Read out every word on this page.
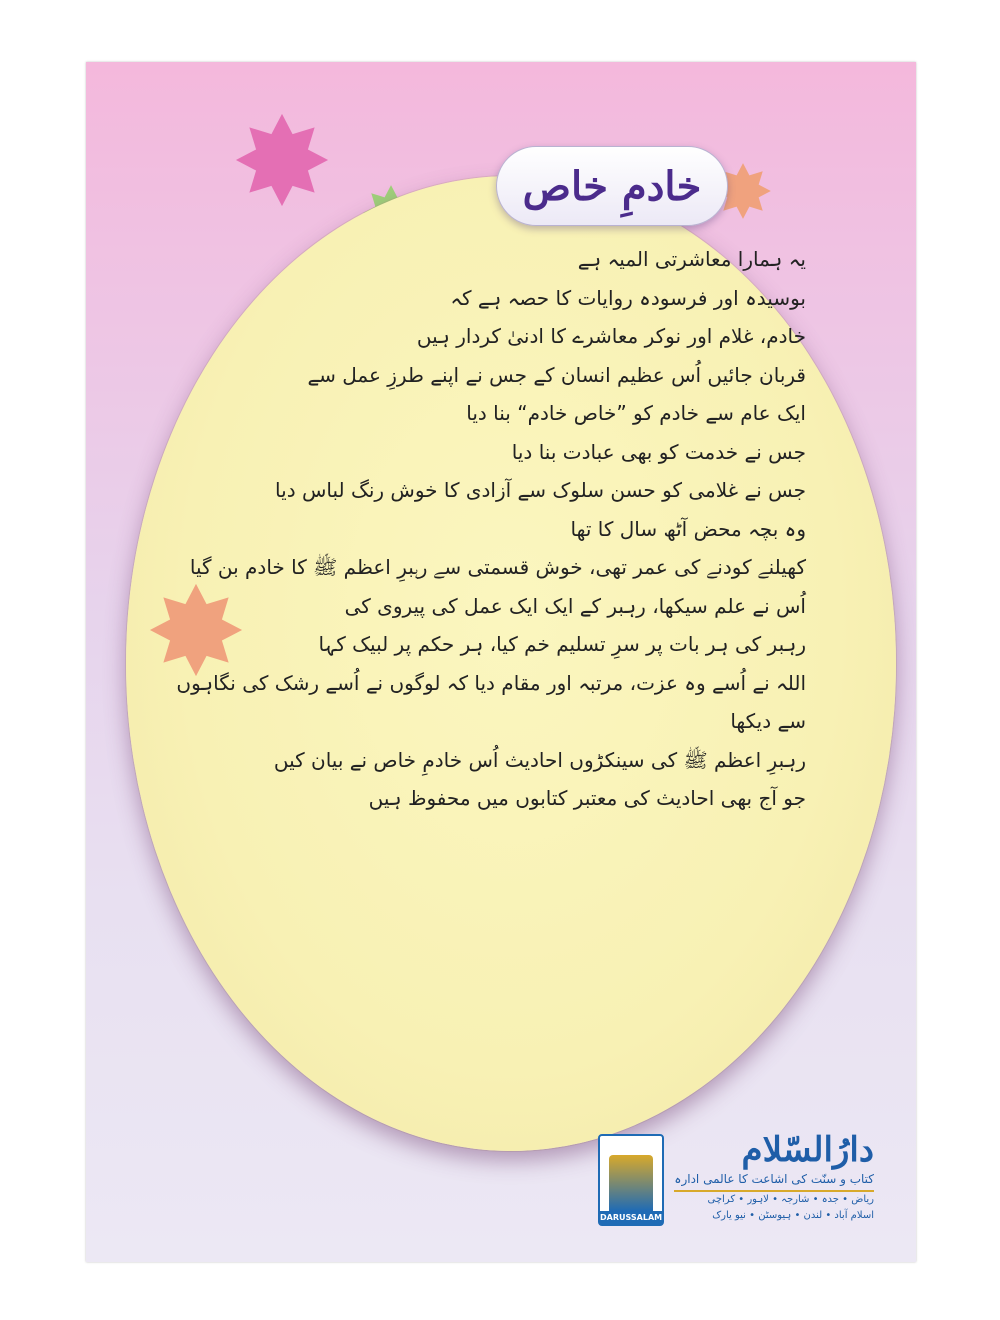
خادمِ خاص
یہ ہمارا معاشرتی المیہ ہے
بوسیدہ اور فرسودہ روایات کا حصہ ہے کہ
خادم، غلام اور نوکر معاشرے کا ادنیٰ کردار ہیں
قربان جائیں اُس عظیم انسان کے جس نے اپنے طرزِ عمل سے
ایک عام سے خادم کو ”خاص خادم“ بنا دیا
جس نے خدمت کو بھی عبادت بنا دیا
جس نے غلامی کو حسن سلوک سے آزادی کا خوش رنگ لباس دیا
وہ بچہ محض آٹھ سال کا تھا
کھیلنے کودنے کی عمر تھی، خوش قسمتی سے رہبرِ اعظم ﷺ کا خادم بن گیا
اُس نے علم سیکھا، رہبر کے ایک ایک عمل کی پیروی کی
رہبر کی ہر بات پر سرِ تسلیم خم کیا، ہر حکم پر لبیک کہا
اللہ نے اُسے وہ عزت، مرتبہ اور مقام دیا کہ لوگوں نے اُسے رشک کی نگاہوں
سے دیکھا
رہبرِ اعظم ﷺ کی سینکڑوں احادیث اُس خادمِ خاص نے بیان کیں
جو آج بھی احادیث کی معتبر کتابوں میں محفوظ ہیں
DARUSSALAM
دارُالسّلام
کتاب و سنّت کی اشاعت کا عالمی ادارہ
ریاض • جدہ • شارجہ • لاہور • کراچی
اسلام آباد • لندن • ہیوسٹن • نیو یارک
